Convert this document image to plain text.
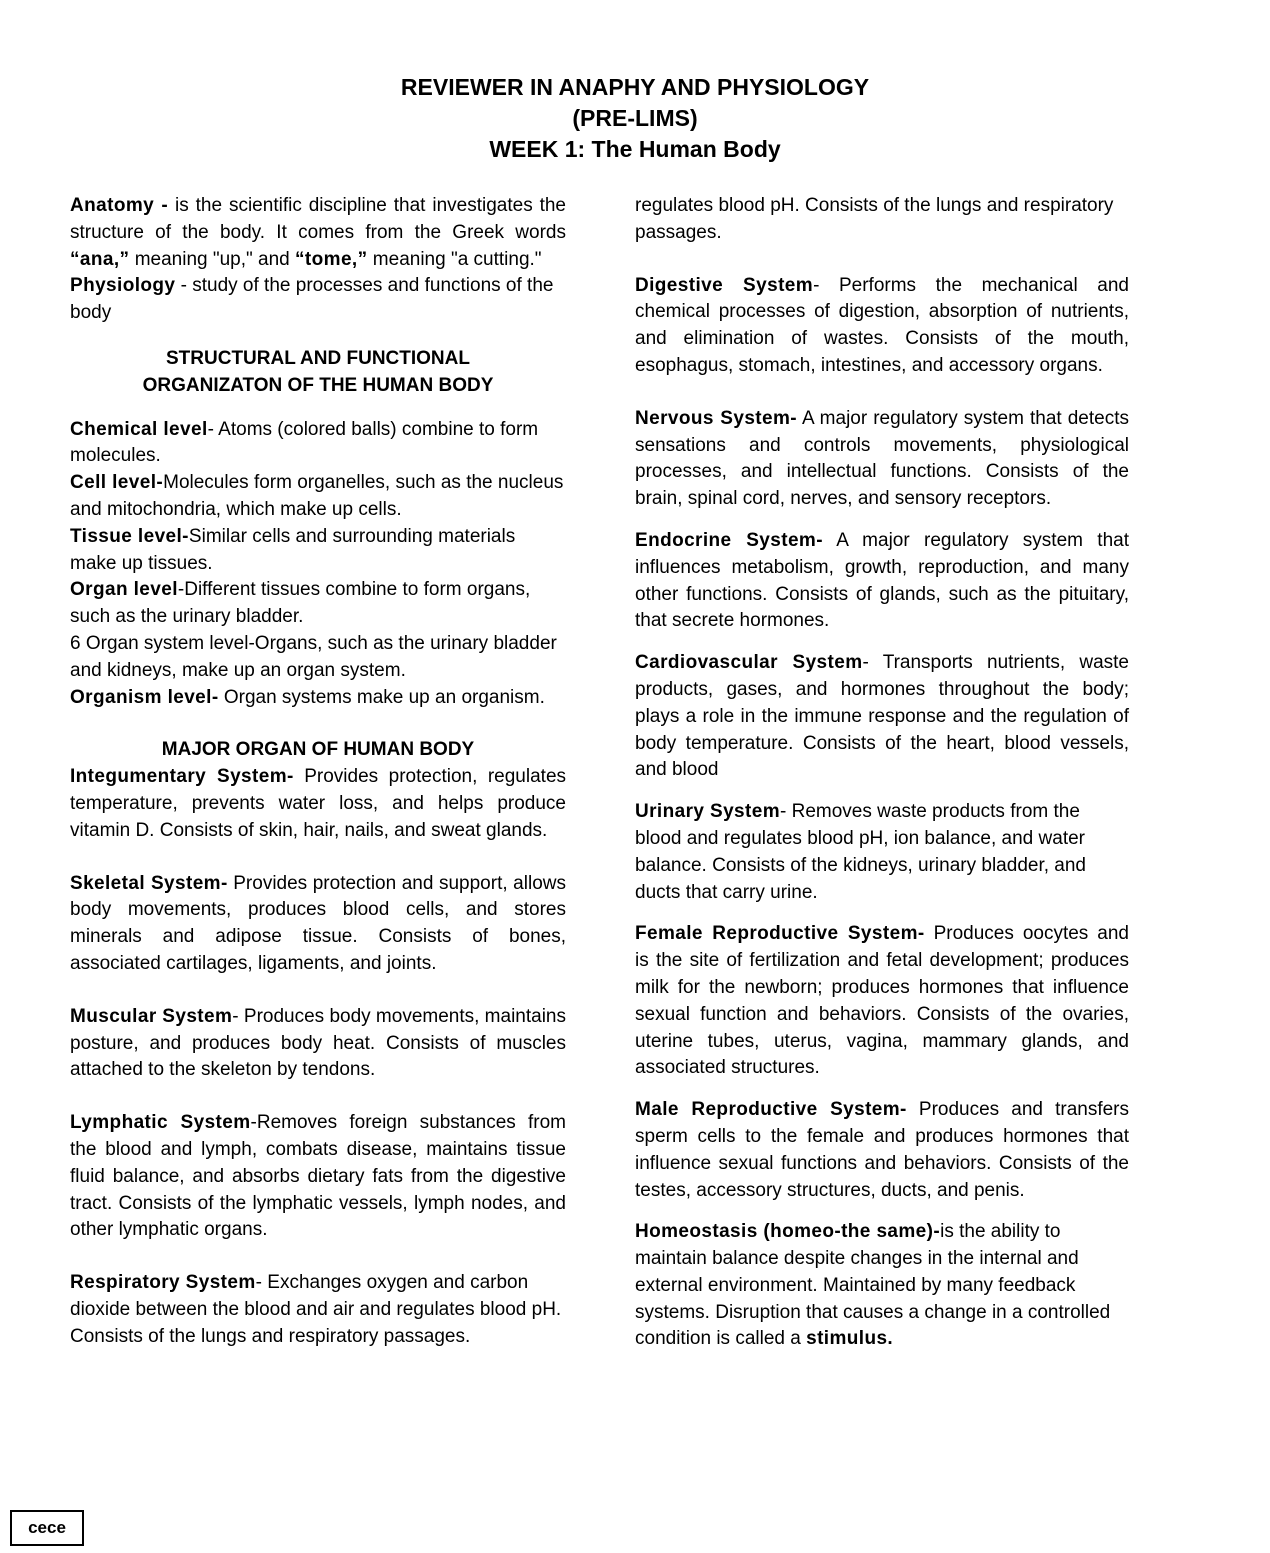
REVIEWER IN ANAPHY AND PHYSIOLOGY
(PRE-LIMS)
WEEK 1: The Human Body

Anatomy - is the scientific discipline that investigates the structure of the body. It comes from the Greek words “ana,” meaning "up," and “tome,” meaning "a cutting."

Physiology - study of the processes and functions of the body

STRUCTURAL AND FUNCTIONAL

ORGANIZATON OF THE HUMAN BODY

Chemical level- Atoms (colored balls) combine to form molecules.

Cell level-Molecules form organelles, such as the nucleus and mitochondria, which make up cells.

Tissue level-Similar cells and surrounding materials make up tissues.

Organ level-Different tissues combine to form organs, such as the urinary bladder.

6 Organ system level-Organs, such as the urinary bladder and kidneys, make up an organ system.

Organism level- Organ systems make up an organism.

MAJOR ORGAN OF HUMAN BODY

Integumentary System- Provides protection, regulates temperature, prevents water loss, and helps produce vitamin D. Consists of skin, hair, nails, and sweat glands.

Skeletal System- Provides protection and support, allows body movements, produces blood cells, and stores minerals and adipose tissue. Consists of bones, associated cartilages, ligaments, and joints.

Muscular System- Produces body movements, maintains posture, and produces body heat. Consists of muscles attached to the skeleton by tendons.

Lymphatic System-Removes foreign substances from the blood and lymph, combats disease, maintains tissue fluid balance, and absorbs dietary fats from the digestive tract. Consists of the lymphatic vessels, lymph nodes, and other lymphatic organs.

Respiratory System- Exchanges oxygen and carbon dioxide between the blood and air and regulates blood pH. Consists of the lungs and respiratory passages.

regulates blood pH. Consists of the lungs and respiratory passages.

Digestive System- Performs the mechanical and chemical processes of digestion, absorption of nutrients, and elimination of wastes. Consists of the mouth, esophagus, stomach, intestines, and accessory organs.

Nervous System- A major regulatory system that detects sensations and controls movements, physiological processes, and intellectual functions. Consists of the brain, spinal cord, nerves, and sensory receptors.

Endocrine System- A major regulatory system that influences metabolism, growth, reproduction, and many other functions. Consists of glands, such as the pituitary, that secrete hormones.

Cardiovascular System- Transports nutrients, waste products, gases, and hormones throughout the body; plays a role in the immune response and the regulation of body temperature. Consists of the heart, blood vessels, and blood

Urinary System- Removes waste products from the blood and regulates blood pH, ion balance, and water balance. Consists of the kidneys, urinary bladder, and ducts that carry urine.

Female Reproductive System- Produces oocytes and is the site of fertilization and fetal development; produces milk for the newborn; produces hormones that influence sexual function and behaviors. Consists of the ovaries, uterine tubes, uterus, vagina, mammary glands, and associated structures.

Male Reproductive System- Produces and transfers sperm cells to the female and produces hormones that influence sexual functions and behaviors. Consists of the testes, accessory structures, ducts, and penis.

Homeostasis (homeo-the same)-is the ability to maintain balance despite changes in the internal and external environment. Maintained by many feedback systems. Disruption that causes a change in a controlled condition is called a stimulus.

cece
